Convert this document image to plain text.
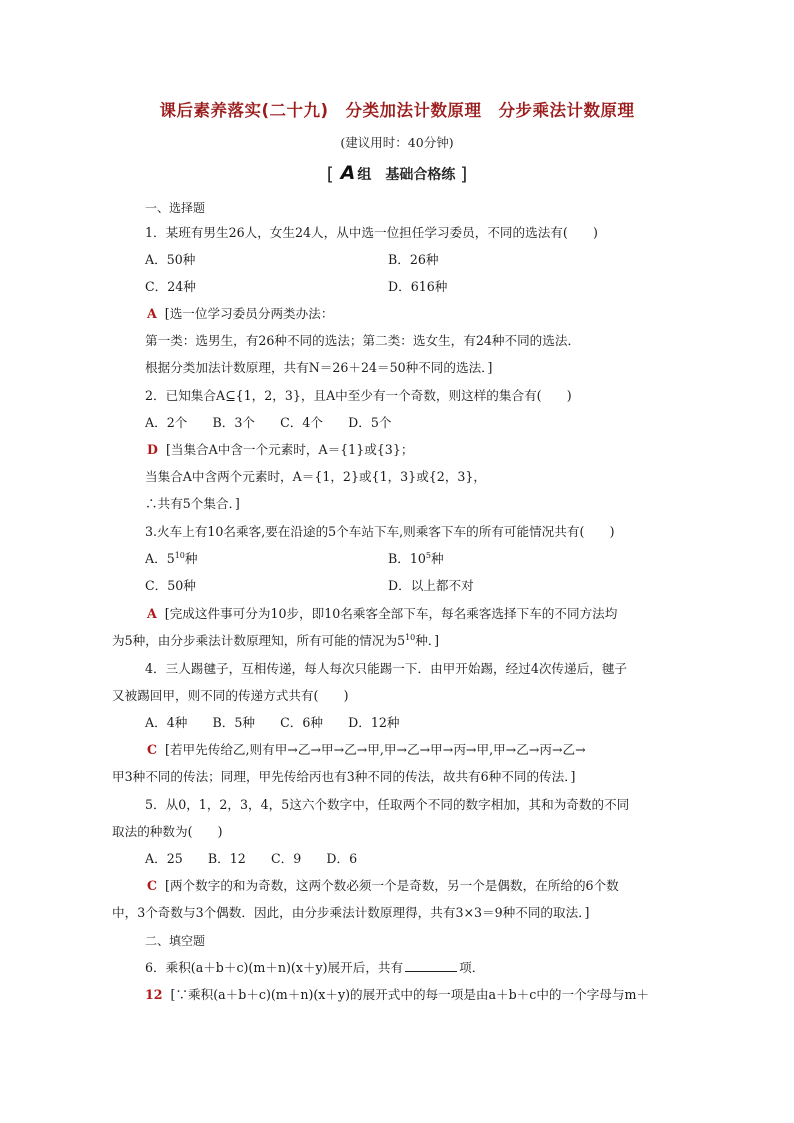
课后素养落实(二十九)　分类加法计数原理　分步乘法计数原理
(建议用时：40分钟)
[ A 组　基础合格练 ]
一、选择题
1．某班有男生26人，女生24人，从中选一位担任学习委员，不同的选法有(　　)
A．50种	B．26种
C．24种	D．616种
A [选一位学习委员分两类办法：
第一类：选男生，有26种不同的选法；第二类：选女生，有24种不同的选法．
根据分类加法计数原理，共有N＝26＋24＝50种不同的选法．]
2．已知集合A⊆{1，2，3}，且A中至少有一个奇数，则这样的集合有(　　)
A．2个　　B．3个　　C．4个　　D．5个
D [当集合A中含一个元素时，A＝{1}或{3}；
当集合A中含两个元素时，A＝{1，2}或{1，3}或{2，3}，
∴共有5个集合．]
3.火车上有10名乘客,要在沿途的5个车站下车,则乘客下车的所有可能情况共有(　　)
A．$5^{10}$种	B．$10^5$种
C．50种	D．以上都不对
A [完成这件事可分为10步，即10名乘客全部下车，每名乘客选择下车的不同方法均
为5种，由分步乘法计数原理知，所有可能的情况为$5^{10}$种．]
4．三人踢毽子，互相传递，每人每次只能踢一下．由甲开始踢，经过4次传递后，毽子
又被踢回甲，则不同的传递方式共有(　　)
A．4种　　B．5种　　C．6种　　D．12种
C [若甲先传给乙,则有甲→乙→甲→乙→甲,甲→乙→甲→丙→甲,甲→乙→丙→乙→
甲3种不同的传法；同理，甲先传给丙也有3种不同的传法，故共有6种不同的传法．]
5．从0，1，2，3，4，5这六个数字中，任取两个不同的数字相加，其和为奇数的不同
取法的种数为(　　)
A．25　　B．12　　C．9　　D．6
C [两个数字的和为奇数，这两个数必须一个是奇数，另一个是偶数，在所给的6个数
中，3个奇数与3个偶数．因此，由分步乘法计数原理得，共有3×3＝9种不同的取法．]
二、填空题
6．乘积(a＋b＋c)(m＋n)(x＋y)展开后，共有	项．
12 [∵乘积(a＋b＋c)(m＋n)(x＋y)的展开式中的每一项是由a＋b＋c中的一个字母与m＋
